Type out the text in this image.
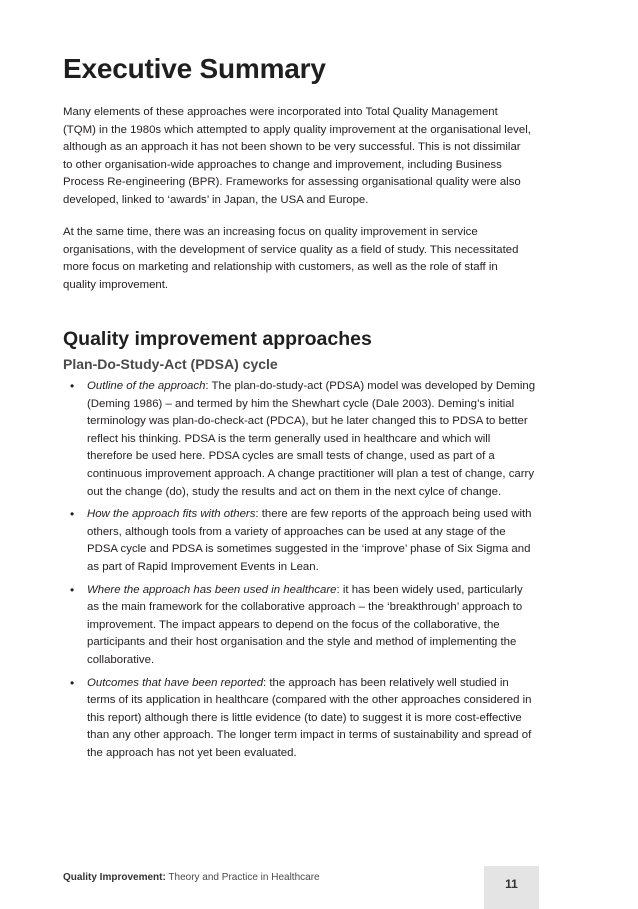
Executive Summary

Many elements of these approaches were incorporated into Total Quality Management (TQM) in the 1980s which attempted to apply quality improvement at the organisational level, although as an approach it has not been shown to be very successful. This is not dissimilar to other organisation-wide approaches to change and improvement, including Business Process Re-engineering (BPR). Frameworks for assessing organisational quality were also developed, linked to ‘awards’ in Japan, the USA and Europe.

At the same time, there was an increasing focus on quality improvement in service organisations, with the development of service quality as a field of study. This necessitated more focus on marketing and relationship with customers, as well as the role of staff in quality improvement.

Quality improvement approaches
Plan-Do-Study-Act (PDSA) cycle
• Outline of the approach: The plan-do-study-act (PDSA) model was developed by Deming (Deming 1986) – and termed by him the Shewhart cycle (Dale 2003). Deming’s initial terminology was plan-do-check-act (PDCA), but he later changed this to PDSA to better reflect his thinking. PDSA is the term generally used in healthcare and which will therefore be used here. PDSA cycles are small tests of change, used as part of a continuous improvement approach. A change practitioner will plan a test of change, carry out the change (do), study the results and act on them in the next cylce of change.
• How the approach fits with others: there are few reports of the approach being used with others, although tools from a variety of approaches can be used at any stage of the PDSA cycle and PDSA is sometimes suggested in the ‘improve’ phase of Six Sigma and as part of Rapid Improvement Events in Lean.
• Where the approach has been used in healthcare: it has been widely used, particularly as the main framework for the collaborative approach – the ‘breakthrough’ approach to improvement. The impact appears to depend on the focus of the collaborative, the participants and their host organisation and the style and method of implementing the collaborative.
• Outcomes that have been reported: the approach has been relatively well studied in terms of its application in healthcare (compared with the other approaches considered in this report) although there is little evidence (to date) to suggest it is more cost-effective than any other approach. The longer term impact in terms of sustainability and spread of the approach has not yet been evaluated.

Quality Improvement: Theory and Practice in Healthcare	11
